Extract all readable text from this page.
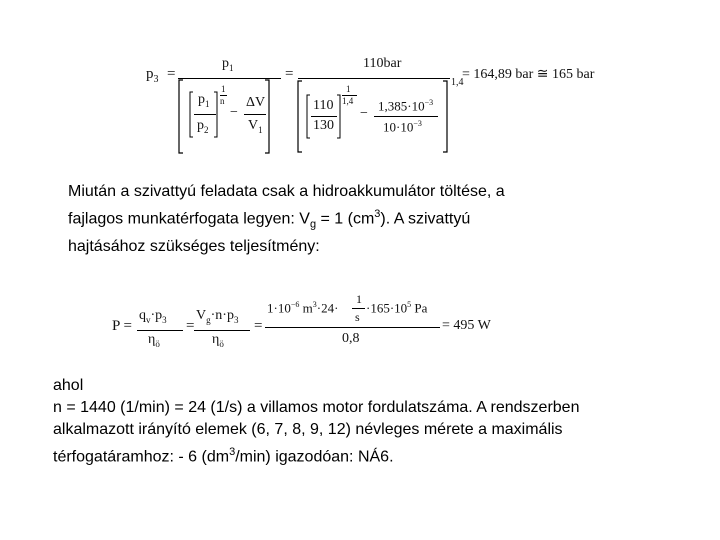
$p_3$ =
$p_1$
$p_1$
$p_2$
1
n
−
ΔV
$V_1$
=
110bar
110
130
1
1,4
−
$1,385\cdot 10^{-3}$
$10\cdot 10^{-3}$
1,4
= 164,89 bar ≅ 165 bar
Miután a szivattyú feladata csak a hidroakkumulátor töltése, a
fajlagos munkatérfogata legyen: $V_g = 1$ $(cm^3)$. A szivattyú
hajtásához szükséges teljesítmény:
P =
$q_v\cdot p_3$
$\eta_ö$
=
$V_g\cdot n\cdot p_3$
$\eta_ö$
=
$1\cdot 10^{-6}$ $m^3\cdot 24\cdot$
1
s
$\cdot 165\cdot 10^5$ Pa
0,8
= 495 W
ahol
n = 1440 (1/min) = 24 (1/s) a villamos motor fordulatszáma. A rendszerben
alkalmazott irányító elemek (6, 7, 8, 9, 12) névleges mérete a maximális
térfogatáramhoz: - 6 $(dm^3/\min)$ igazodóan: NÁ6.
